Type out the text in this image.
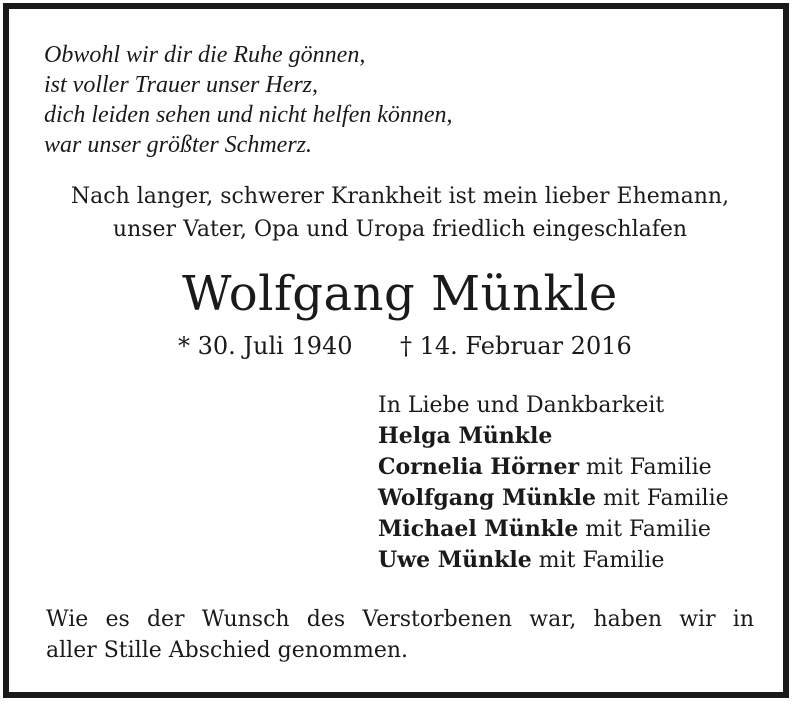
Obwohl wir dir die Ruhe gönnen,
ist voller Trauer unser Herz,
dich leiden sehen und nicht helfen können,
war unser größter Schmerz.

Nach langer, schwerer Krankheit ist mein lieber Ehemann,
unser Vater, Opa und Uropa friedlich eingeschlafen
Wolfgang Münkle
* 30. Juli 1940 † 14. Februar 2016
In Liebe und Dankbarkeit
Helga Münkle
Cornelia Hörner mit Familie
Wolfgang Münkle mit Familie
Michael Münkle mit Familie
Uwe Münkle mit Familie
Wie es der Wunsch des Verstorbenen war, haben wir in
aller Stille Abschied genommen.
